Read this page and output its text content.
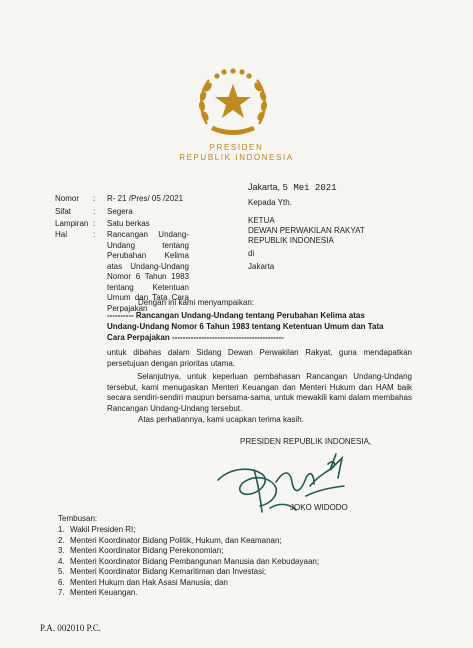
PRESIDEN
REPUBLIK INDONESIA
Jakarta, 5 Mei 2021
Kepada Yth.
KETUA
DEWAN PERWAKILAN RAKYAT
REPUBLIK INDONESIA
di
Jakarta
Nomor : R- 21 /Pres/ 05 /2021
Sifat	: Segera
Lampiran : Satu berkas
Hal	: Rancangan Undang-Undang tentang Perubahan Kelima atas Undang-Undang Nomor 6 Tahun 1983 tentang Ketentuan Umum dan Tata Cara Perpajakan
Dengan ini kami menyampaikan:
---------- Rancangan Undang-Undang tentang Perubahan Kelima atas
Undang-Undang Nomor 6 Tahun 1983 tentang Ketentuan Umum dan Tata
Cara Perpajakan ------------------------------------------
untuk dibahas dalam Sidang Dewan Perwakilan Rakyat, guna mendapatkan persetujuan dengan prioritas utama.
Selanjutnya, untuk keperluan pembahasan Rancangan Undang-Undang tersebut, kami menugaskan Menteri Keuangan dan Menteri Hukum dan HAM baik secara sendiri-sendiri maupun bersama-sama, untuk mewakili kami dalam membahas Rancangan Undang-Undang tersebut.
Atas perhatiannya, kami ucapkan terima kasih.
PRESIDEN REPUBLIK INDONESIA,
JOKO WIDODO
Tembusan:
1. Wakil Presiden RI;
2. Menteri Koordinator Bidang Politik, Hukum, dan Keamanan;
3. Menteri Koordinator Bidang Perekonomian;
4. Menteri Koordinator Bidang Pembangunan Manusia dan Kebudayaan;
5. Menteri Koordinator Bidang Kemaritiman dan Investasi;
6. Menteri Hukum dan Hak Asasi Manusia; dan
7. Menteri Keuangan.
P.A. 002010 P.C.
